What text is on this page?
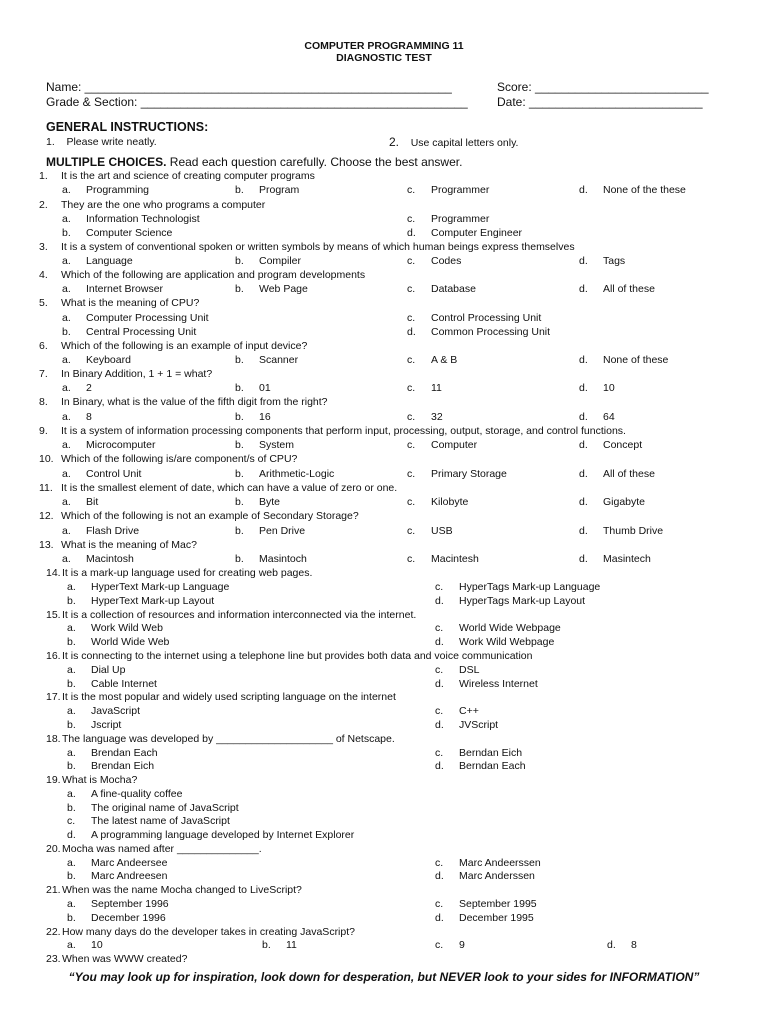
COMPUTER PROGRAMMING 11
DIAGNOSTIC TEST
Name: _______________________________________________________
Grade & Section: _________________________________________________
Score: __________________________
Date: __________________________
GENERAL INSTRUCTIONS:
1. Please write neatly.	2. Use capital letters only.
MULTIPLE CHOICES. Read each question carefully. Choose the best answer.
1. It is the art and science of creating computer programs
a. Programming	b. Program	c. Programmer	d. None of the these
2. They are the one who programs a computer
a. Information Technologist	c. Programmer
b. Computer Science	d. Computer Engineer
3. It is a system of conventional spoken or written symbols by means of which human beings express themselves
a. Language	b. Compiler	c. Codes	d. Tags
4. Which of the following are application and program developments
a. Internet Browser	b. Web Page	c. Database	d. All of these
5. What is the meaning of CPU?
a. Computer Processing Unit	c. Control Processing Unit
b. Central Processing Unit	d. Common Processing Unit
6. Which of the following is an example of input device?
a. Keyboard	b. Scanner	c. A & B	d. None of these
7. In Binary Addition, 1 + 1 = what?
a. 2	b. 01	c. 11	d. 10
8. In Binary, what is the value of the fifth digit from the right?
a. 8	b. 16	c. 32	d. 64
9. It is a system of information processing components that perform input, processing, output, storage, and control functions.
a. Microcomputer	b. System	c. Computer	d. Concept
10. Which of the following is/are component/s of CPU?
a. Control Unit	b. Arithmetic-Logic	c. Primary Storage	d. All of these
11. It is the smallest element of date, which can have a value of zero or one.
a. Bit	b. Byte	c. Kilobyte	d. Gigabyte
12. Which of the following is not an example of Secondary Storage?
a. Flash Drive	b. Pen Drive	c. USB	d. Thumb Drive
13. What is the meaning of Mac?
a. Macintosh	b. Masintoch	c. Macintesh	d. Masintech
14.It is a mark-up language used for creating web pages.
a. HyperText Mark-up Language	c. HyperTags Mark-up Language
b. HyperText Mark-up Layout	d. HyperTags Mark-up Layout
15.It is a collection of resources and information interconnected via the internet.
a. Work Wild Web	c. World Wide Webpage
b. World Wide Web	d. Work Wild Webpage
16.It is connecting to the internet using a telephone line but provides both data and voice communication
a. Dial Up	c. DSL
b. Cable Internet	d. Wireless Internet
17.It is the most popular and widely used scripting language on the internet
a. JavaScript	c. C++
b. Jscript	d. JVScript
18.The language was developed by ____________________ of Netscape.
a. Brendan Each	c. Berndan Eich
b. Brendan Eich	d. Berndan Each
19.What is Mocha?
a. A fine-quality coffee
b. The original name of JavaScript
c. The latest name of JavaScript
d. A programming language developed by Internet Explorer
20.Mocha was named after ______________.
a. Marc Andeersee	c. Marc Andeerssen
b. Marc Andreesen	d. Marc Anderssen
21.When was the name Mocha changed to LiveScript?
a. September 1996	c. September 1995
b. December 1996	d. December 1995
22.How many days do the developer takes in creating JavaScript?
a. 10	b. 11	c. 9	d. 8
23.When was WWW created?
“You may look up for inspiration, look down for desperation, but NEVER look to your sides for INFORMATION”
